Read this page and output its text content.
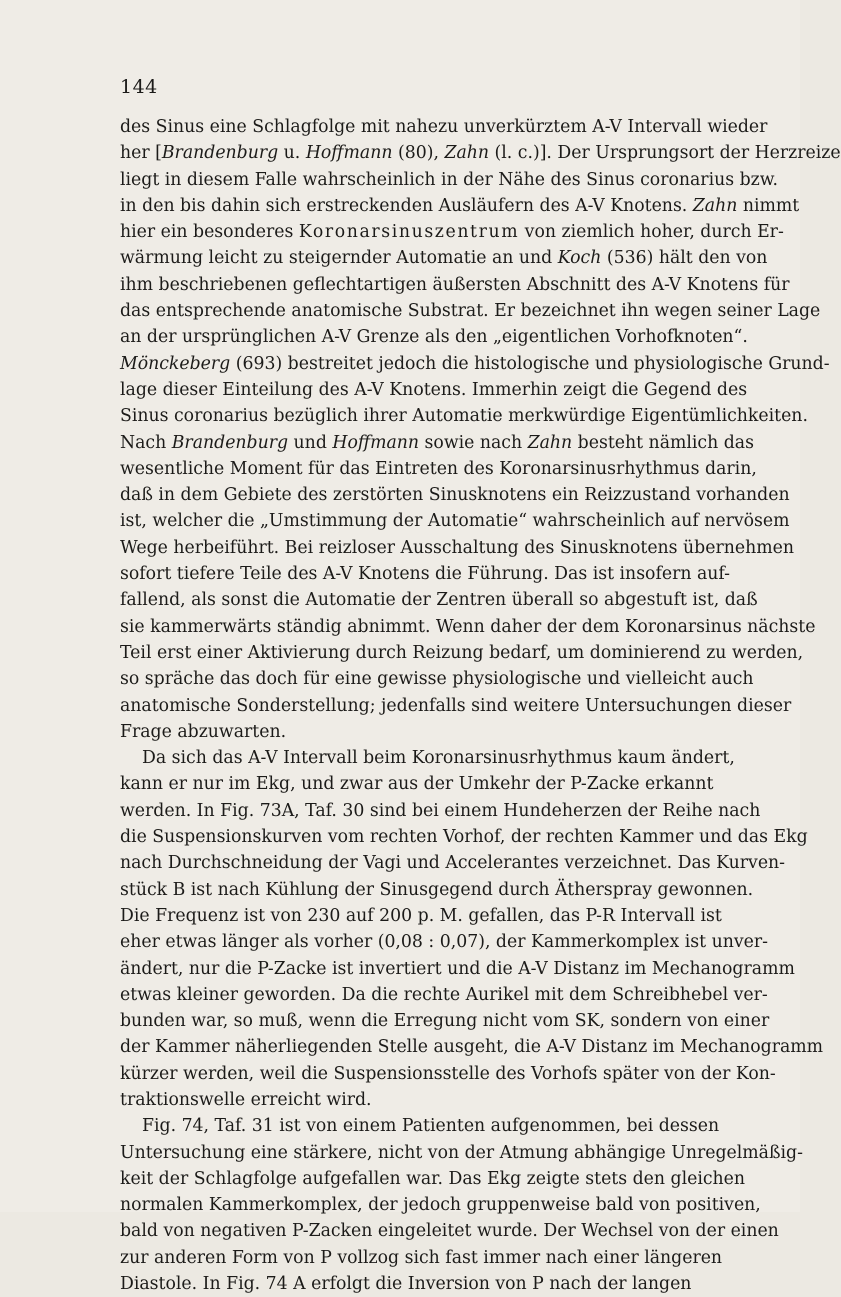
144
des Sinus eine Schlagfolge mit nahezu unverkürztem A-V Intervall wieder
her [Brandenburg u. Hoffmann (80), Zahn (l. c.)]. Der Ursprungsort der Herzreize
liegt in diesem Falle wahrscheinlich in der Nähe des Sinus coronarius bzw.
in den bis dahin sich erstreckenden Ausläufern des A-V Knotens. Zahn nimmt
hier ein besonderes Koronarsinuszentrum von ziemlich hoher, durch Er-
wärmung leicht zu steigernder Automatie an und Koch (536) hält den von
ihm beschriebenen geflechtartigen äußersten Abschnitt des A-V Knotens für
das entsprechende anatomische Substrat. Er bezeichnet ihn wegen seiner Lage
an der ursprünglichen A-V Grenze als den „eigentlichen Vorhofknoten“.
Mönckeberg (693) bestreitet jedoch die histologische und physiologische Grund-
lage dieser Einteilung des A-V Knotens. Immerhin zeigt die Gegend des
Sinus coronarius bezüglich ihrer Automatie merkwürdige Eigentümlichkeiten.
Nach Brandenburg und Hoffmann sowie nach Zahn besteht nämlich das
wesentliche Moment für das Eintreten des Koronarsinusrhythmus darin,
daß in dem Gebiete des zerstörten Sinusknotens ein Reizzustand vorhanden
ist, welcher die „Umstimmung der Automatie“ wahrscheinlich auf nervösem
Wege herbeiführt. Bei reizloser Ausschaltung des Sinusknotens übernehmen
sofort tiefere Teile des A-V Knotens die Führung. Das ist insofern auf-
fallend, als sonst die Automatie der Zentren überall so abgestuft ist, daß
sie kammerwärts ständig abnimmt. Wenn daher der dem Koronarsinus nächste
Teil erst einer Aktivierung durch Reizung bedarf, um dominierend zu werden,
so spräche das doch für eine gewisse physiologische und vielleicht auch
anatomische Sonderstellung; jedenfalls sind weitere Untersuchungen dieser
Frage abzuwarten.
Da sich das A-V Intervall beim Koronarsinusrhythmus kaum ändert,
kann er nur im Ekg, und zwar aus der Umkehr der P-Zacke erkannt
werden. In Fig. 73A, Taf. 30 sind bei einem Hundeherzen der Reihe nach
die Suspensionskurven vom rechten Vorhof, der rechten Kammer und das Ekg
nach Durchschneidung der Vagi und Accelerantes verzeichnet. Das Kurven-
stück B ist nach Kühlung der Sinusgegend durch Ätherspray gewonnen.
Die Frequenz ist von 230 auf 200 p. M. gefallen, das P-R Intervall ist
eher etwas länger als vorher (0,08 : 0,07), der Kammerkomplex ist unver-
ändert, nur die P-Zacke ist invertiert und die A-V Distanz im Mechanogramm
etwas kleiner geworden. Da die rechte Aurikel mit dem Schreibhebel ver-
bunden war, so muß, wenn die Erregung nicht vom SK, sondern von einer
der Kammer näherliegenden Stelle ausgeht, die A-V Distanz im Mechanogramm
kürzer werden, weil die Suspensionsstelle des Vorhofs später von der Kon-
traktionswelle erreicht wird.
Fig. 74, Taf. 31 ist von einem Patienten aufgenommen, bei dessen
Untersuchung eine stärkere, nicht von der Atmung abhängige Unregelmäßig-
keit der Schlagfolge aufgefallen war. Das Ekg zeigte stets den gleichen
normalen Kammerkomplex, der jedoch gruppenweise bald von positiven,
bald von negativen P-Zacken eingeleitet wurde. Der Wechsel von der einen
zur anderen Form von P vollzog sich fast immer nach einer längeren
Diastole. In Fig. 74 A erfolgt die Inversion von P nach der langen
